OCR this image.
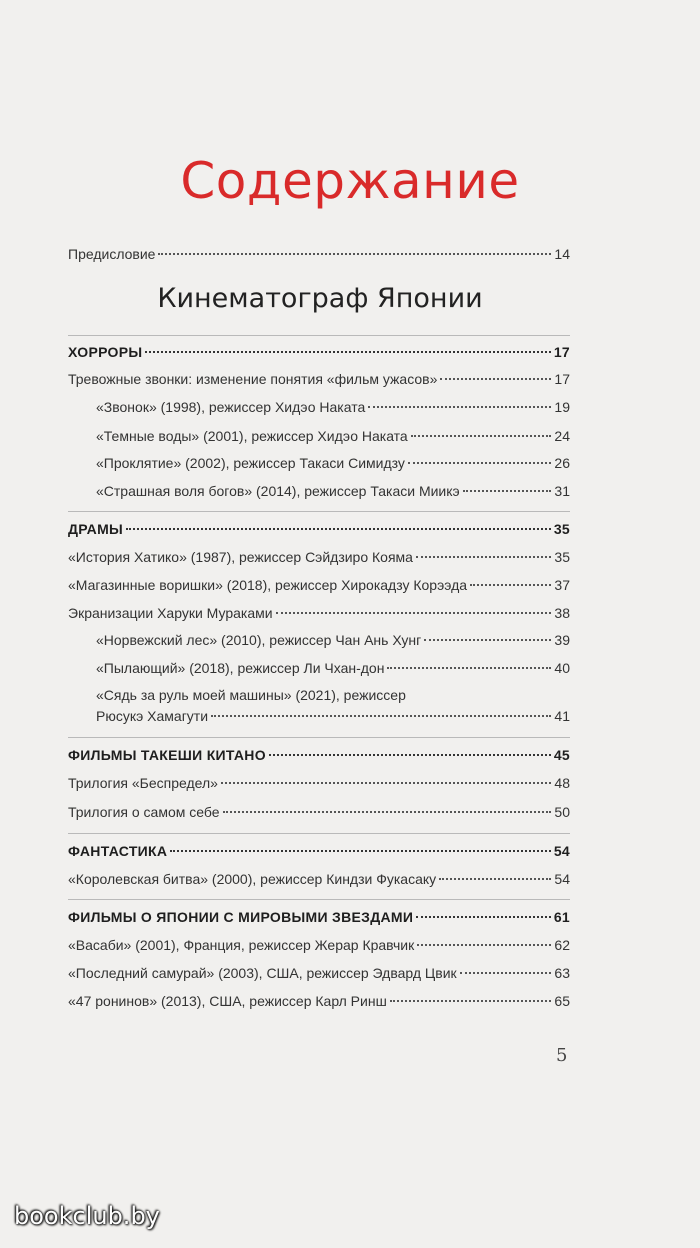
Содержание
Предисловие	14
Кинематограф Японии
ХОРРОРЫ	17
Тревожные звонки: изменение понятия «фильм ужасов»	17
«Звонок» (1998), режиссер Хидэо Наката	19
«Темные воды» (2001), режиссер Хидэо Наката	24
«Проклятие» (2002), режиссер Такаси Симидзу	26
«Страшная воля богов» (2014), режиссер Такаси Миикэ	31
ДРАМЫ	35
«История Хатико» (1987), режиссер Сэйдзиро Кояма	35
«Магазинные воришки» (2018), режиссер Хирокадзу Корээда	37
Экранизации Харуки Мураками	38
«Норвежский лес» (2010), режиссер Чан Ань Хунг	39
«Пылающий» (2018), режиссер Ли Чхан-дон	40
«Сядь за руль моей машины» (2021), режиссер
Рюсукэ Хамагути	41
ФИЛЬМЫ ТАКЕШИ КИТАНО	45
Трилогия «Беспредел»	48
Трилогия о самом себе	50
ФАНТАСТИКА	54
«Королевская битва» (2000), режиссер Киндзи Фукасаку	54
ФИЛЬМЫ О ЯПОНИИ С МИРОВЫМИ ЗВЕЗДАМИ	61
«Васаби» (2001), Франция, режиссер Жерар Кравчик	62
«Последний самурай» (2003), США, режиссер Эдвард Цвик	63
«47 ронинов» (2013), США, режиссер Карл Ринш	65
5
bookclub.by
